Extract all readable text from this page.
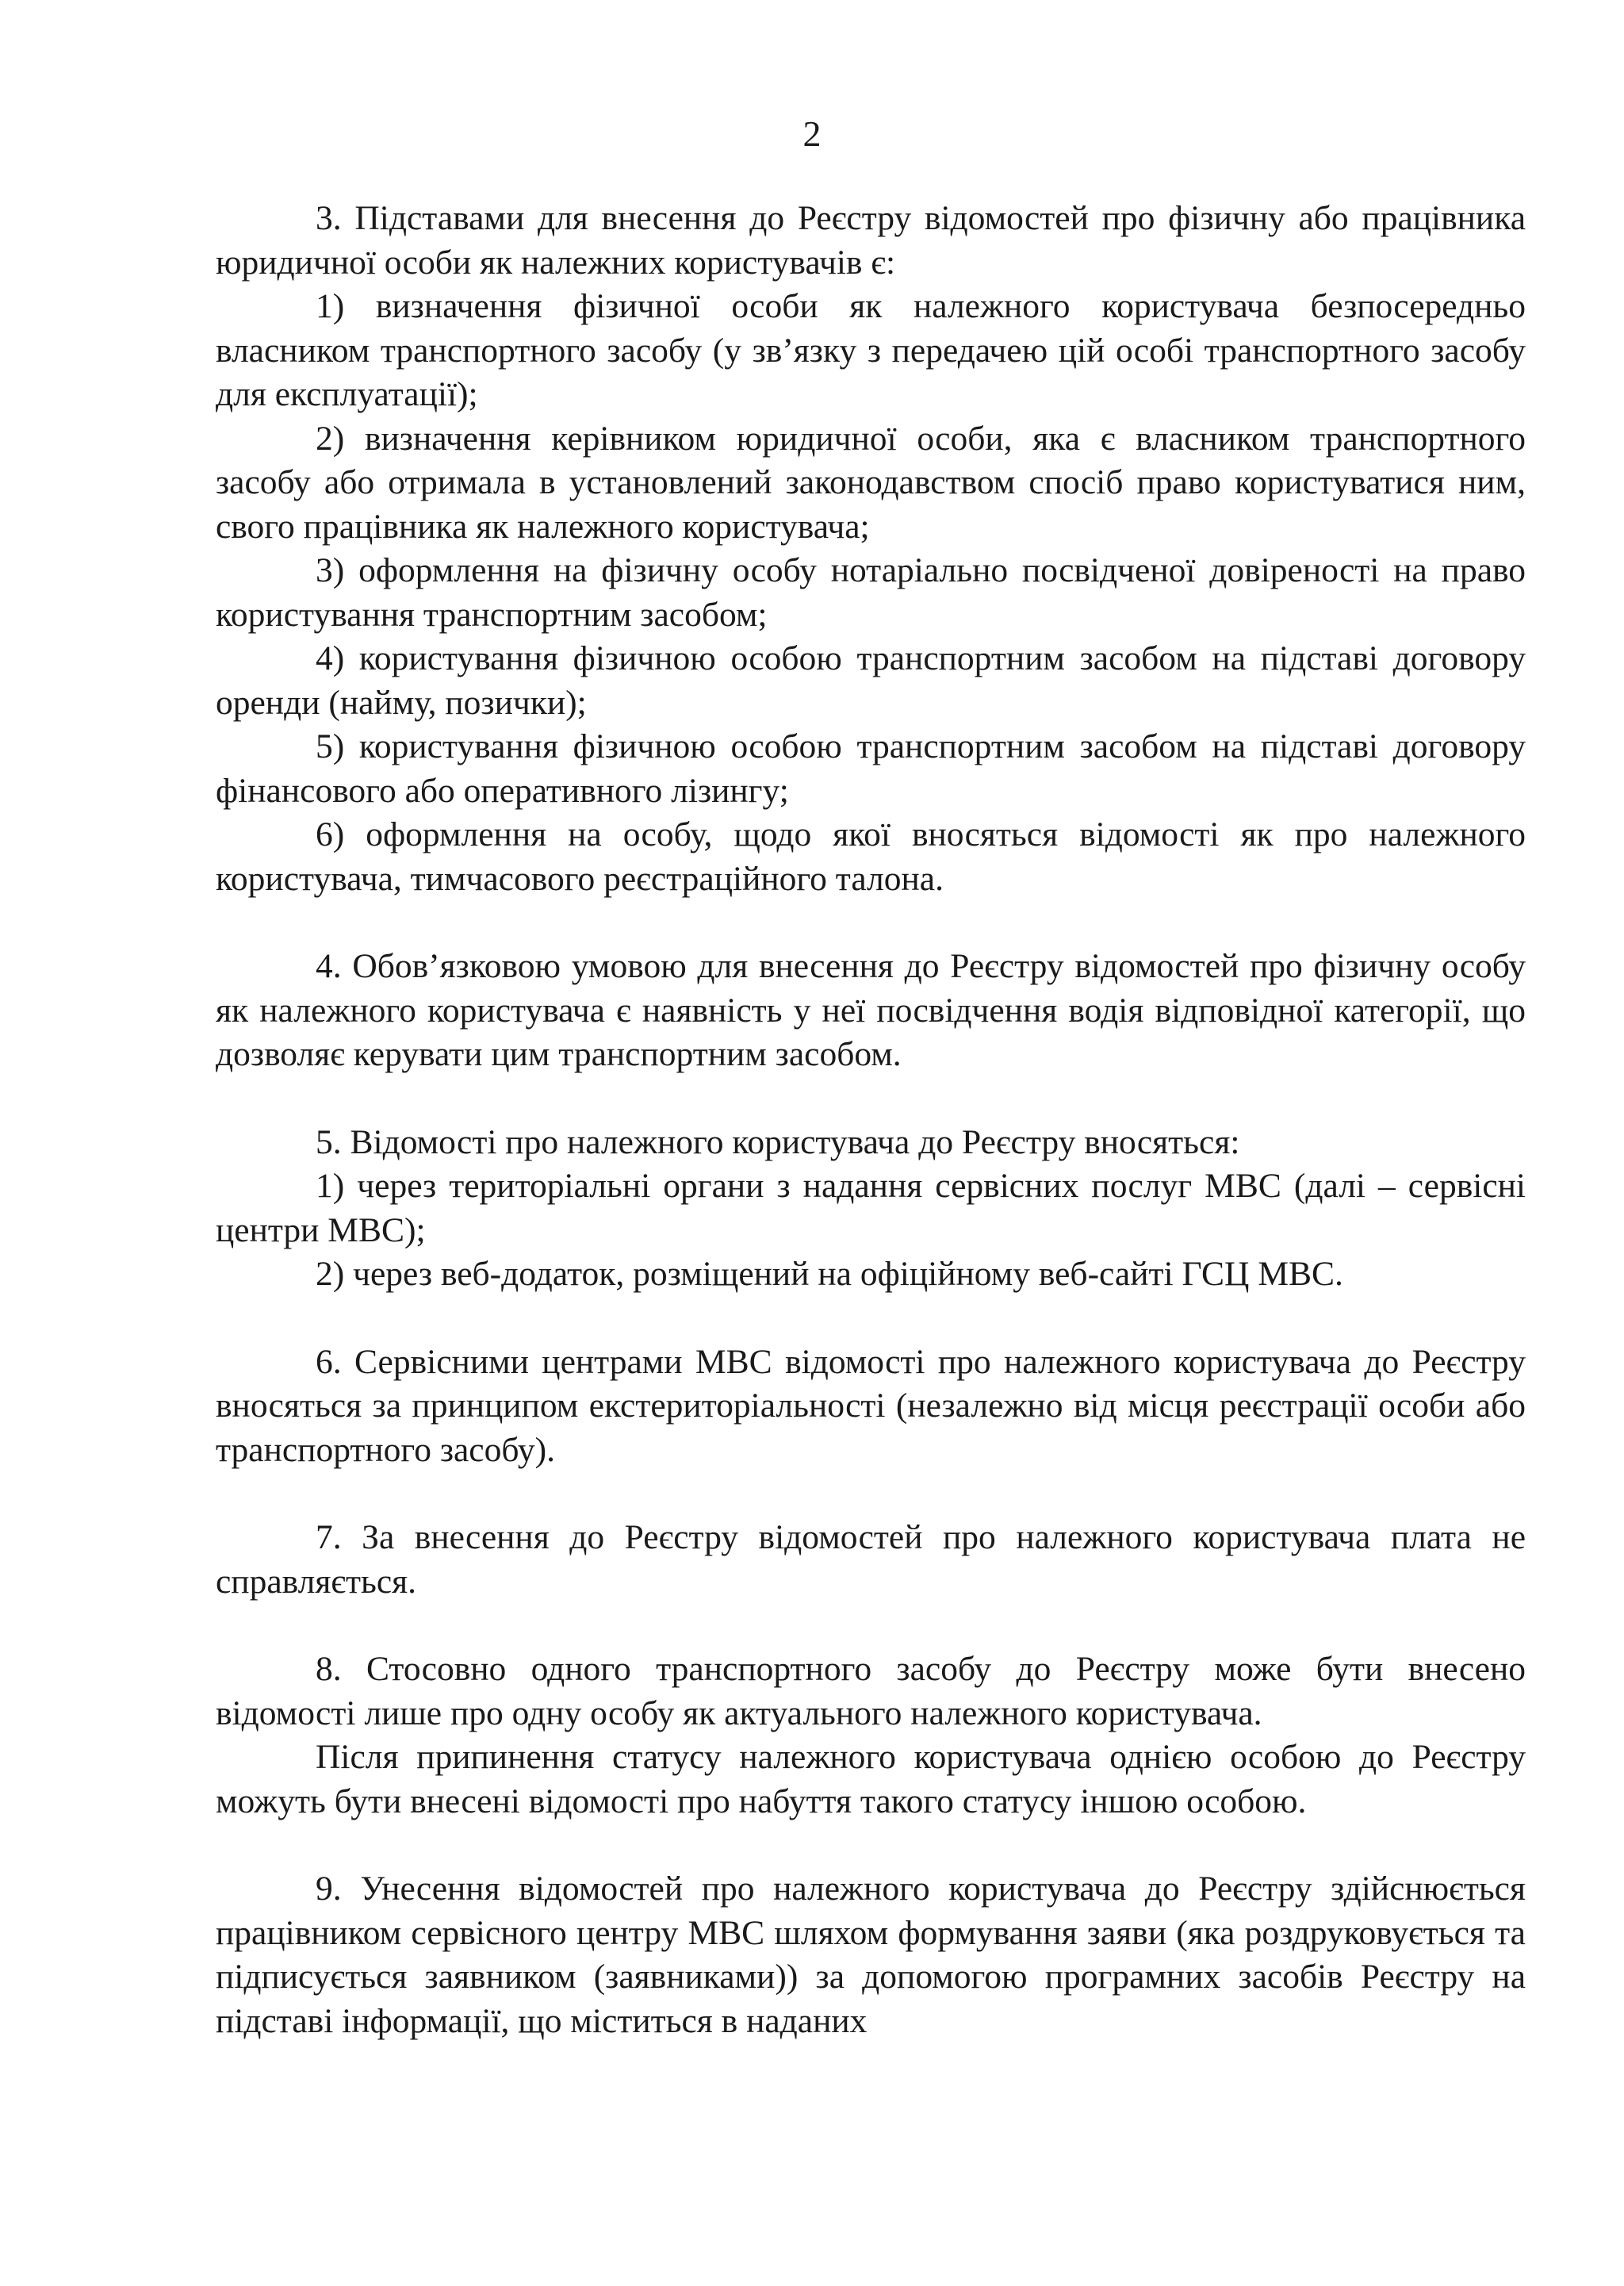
2

3. Підставами для внесення до Реєстру відомостей про фізичну або працівника юридичної особи як належних користувачів є:

1) визначення фізичної особи як належного користувача безпосередньо власником транспортного засобу (у зв’язку з передачею цій особі транспортного засобу для експлуатації);

2) визначення керівником юридичної особи, яка є власником транспортного засобу або отримала в установлений законодавством спосіб право користуватися ним, свого працівника як належного користувача;

3) оформлення на фізичну особу нотаріально посвідченої довіреності на право користування транспортним засобом;

4) користування фізичною особою транспортним засобом на підставі договору оренди (найму, позички);

5) користування фізичною особою транспортним засобом на підставі договору фінансового або оперативного лізингу;

6) оформлення на особу, щодо якої вносяться відомості як про належного користувача, тимчасового реєстраційного талона.

4. Обов’язковою умовою для внесення до Реєстру відомостей про фізичну особу як належного користувача є наявність у неї посвідчення водія відповідної категорії, що дозволяє керувати цим транспортним засобом.

5. Відомості про належного користувача до Реєстру вносяться:

1) через територіальні органи з надання сервісних послуг МВС (далі – сервісні центри МВС);

2) через веб-додаток, розміщений на офіційному веб-сайті ГСЦ МВС.

6. Сервісними центрами МВС відомості про належного користувача до Реєстру вносяться за принципом екстериторіальності (незалежно від місця реєстрації особи або транспортного засобу).

7. За внесення до Реєстру відомостей про належного користувача плата не справляється.

8. Стосовно одного транспортного засобу до Реєстру може бути внесено відомості лише про одну особу як актуального належного користувача.

Після припинення статусу належного користувача однією особою до Реєстру можуть бути внесені відомості про набуття такого статусу іншою особою.

9. Унесення відомостей про належного користувача до Реєстру здійснюється працівником сервісного центру МВС шляхом формування заяви (яка роздруковується та підписується заявником (заявниками)) за допомогою програмних засобів Реєстру на підставі інформації, що міститься в наданих
